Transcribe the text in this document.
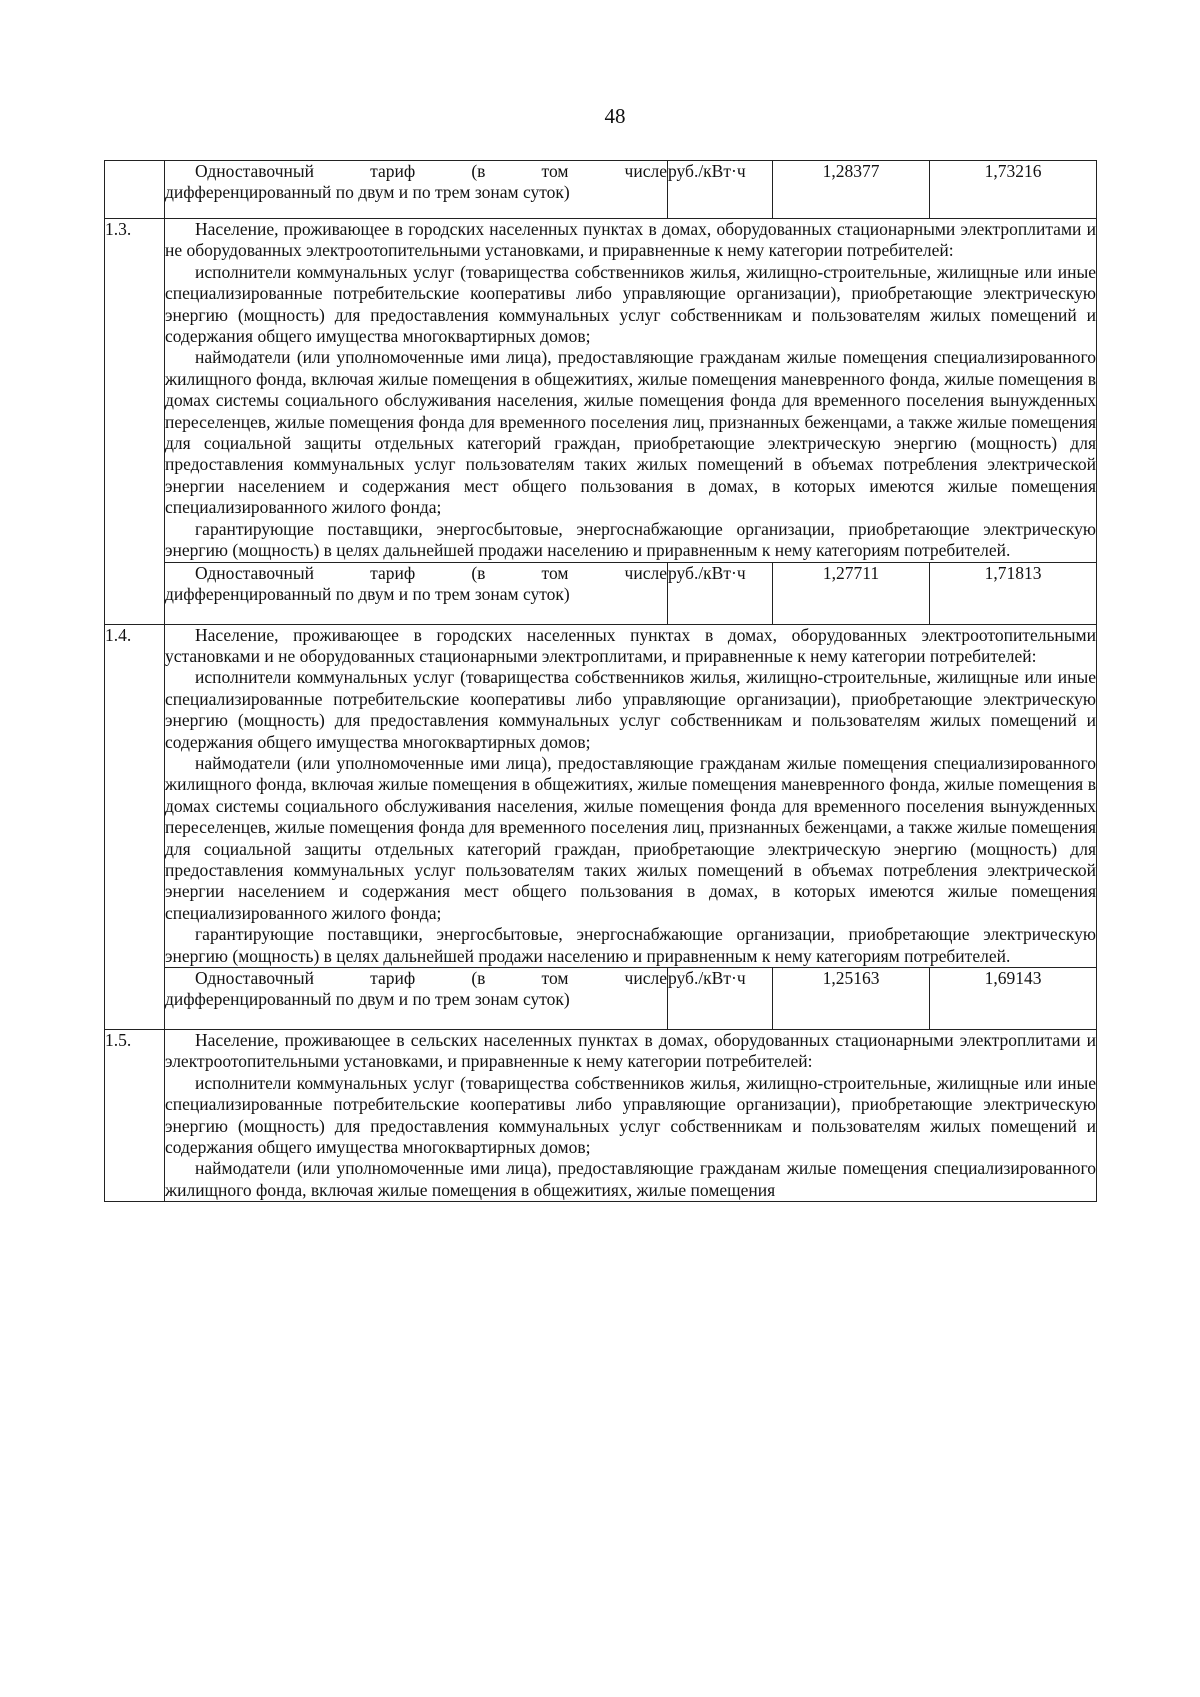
48

	Одноставочный тариф (в том числе
дифференцированный по двум и по трем зонам суток)	руб./кВт·ч	1,28377	1,73216
1.3.	Население, проживающее в городских населенных пунктах в домах, оборудованных стационарными электроплитами и не оборудованных электроотопительными установками, и приравненные к нему категории потребителей:

исполнители коммунальных услуг (товарищества собственников жилья, жилищно-строительные, жилищные или иные специализированные потребительские кооперативы либо управляющие организации), приобретающие электрическую энергию (мощность) для предоставления коммунальных услуг собственникам и пользователям жилых помещений и содержания общего имущества многоквартирных домов;

наймодатели (или уполномоченные ими лица), предоставляющие гражданам жилые помещения специализированного жилищного фонда, включая жилые помещения в общежитиях, жилые помещения маневренного фонда, жилые помещения в домах системы социального обслуживания населения, жилые помещения фонда для временного поселения вынужденных переселенцев, жилые помещения фонда для временного поселения лиц, признанных беженцами, а также жилые помещения для социальной защиты отдельных категорий граждан, приобретающие электрическую энергию (мощность) для предоставления коммунальных услуг пользователям таких жилых помещений в объемах потребления электрической энергии населением и содержания мест общего пользования в домах, в которых имеются жилые помещения специализированного жилого фонда;

гарантирующие поставщики, энергосбытовые, энергоснабжающие организации, приобретающие электрическую энергию (мощность) в целях дальнейшей продажи населению и приравненным к нему категориям потребителей.			

	Одноставочный тариф (в том числе
дифференцированный по двум и по трем зонам суток)	руб./кВт·ч	1,27711	1,71813
1.4.	Население, проживающее в городских населенных пунктах в домах, оборудованных электроотопительными установками и не оборудованных стационарными электроплитами, и приравненные к нему категории потребителей:

исполнители коммунальных услуг (товарищества собственников жилья, жилищно-строительные, жилищные или иные специализированные потребительские кооперативы либо управляющие организации), приобретающие электрическую энергию (мощность) для предоставления коммунальных услуг собственникам и пользователям жилых помещений и содержания общего имущества многоквартирных домов;

наймодатели (или уполномоченные ими лица), предоставляющие гражданам жилые помещения специализированного жилищного фонда, включая жилые помещения в общежитиях, жилые помещения маневренного фонда, жилые помещения в домах системы социального обслуживания населения, жилые помещения фонда для временного поселения вынужденных переселенцев, жилые помещения фонда для временного поселения лиц, признанных беженцами, а также жилые помещения для социальной защиты отдельных категорий граждан, приобретающие электрическую энергию (мощность) для предоставления коммунальных услуг пользователям таких жилых помещений в объемах потребления электрической энергии населением и содержания мест общего пользования в домах, в которых имеются жилые помещения специализированного жилого фонда;

гарантирующие поставщики, энергосбытовые, энергоснабжающие организации, приобретающие электрическую энергию (мощность) в целях дальнейшей продажи населению и приравненным к нему категориям потребителей.			

	Одноставочный тариф (в том числе
дифференцированный по двум и по трем зонам суток)	руб./кВт·ч	1,25163	1,69143
1.5.	Население, проживающее в сельских населенных пунктах в домах, оборудованных стационарными электроплитами и электроотопительными установками, и приравненные к нему категории потребителей:

исполнители коммунальных услуг (товарищества собственников жилья, жилищно-строительные, жилищные или иные специализированные потребительские кооперативы либо управляющие организации), приобретающие электрическую энергию (мощность) для предоставления коммунальных услуг собственникам и пользователям жилых помещений и содержания общего имущества многоквартирных домов;

наймодатели (или уполномоченные ими лица), предоставляющие гражданам жилые помещения специализированного жилищного фонда, включая жилые помещения в общежитиях, жилые помещения			
